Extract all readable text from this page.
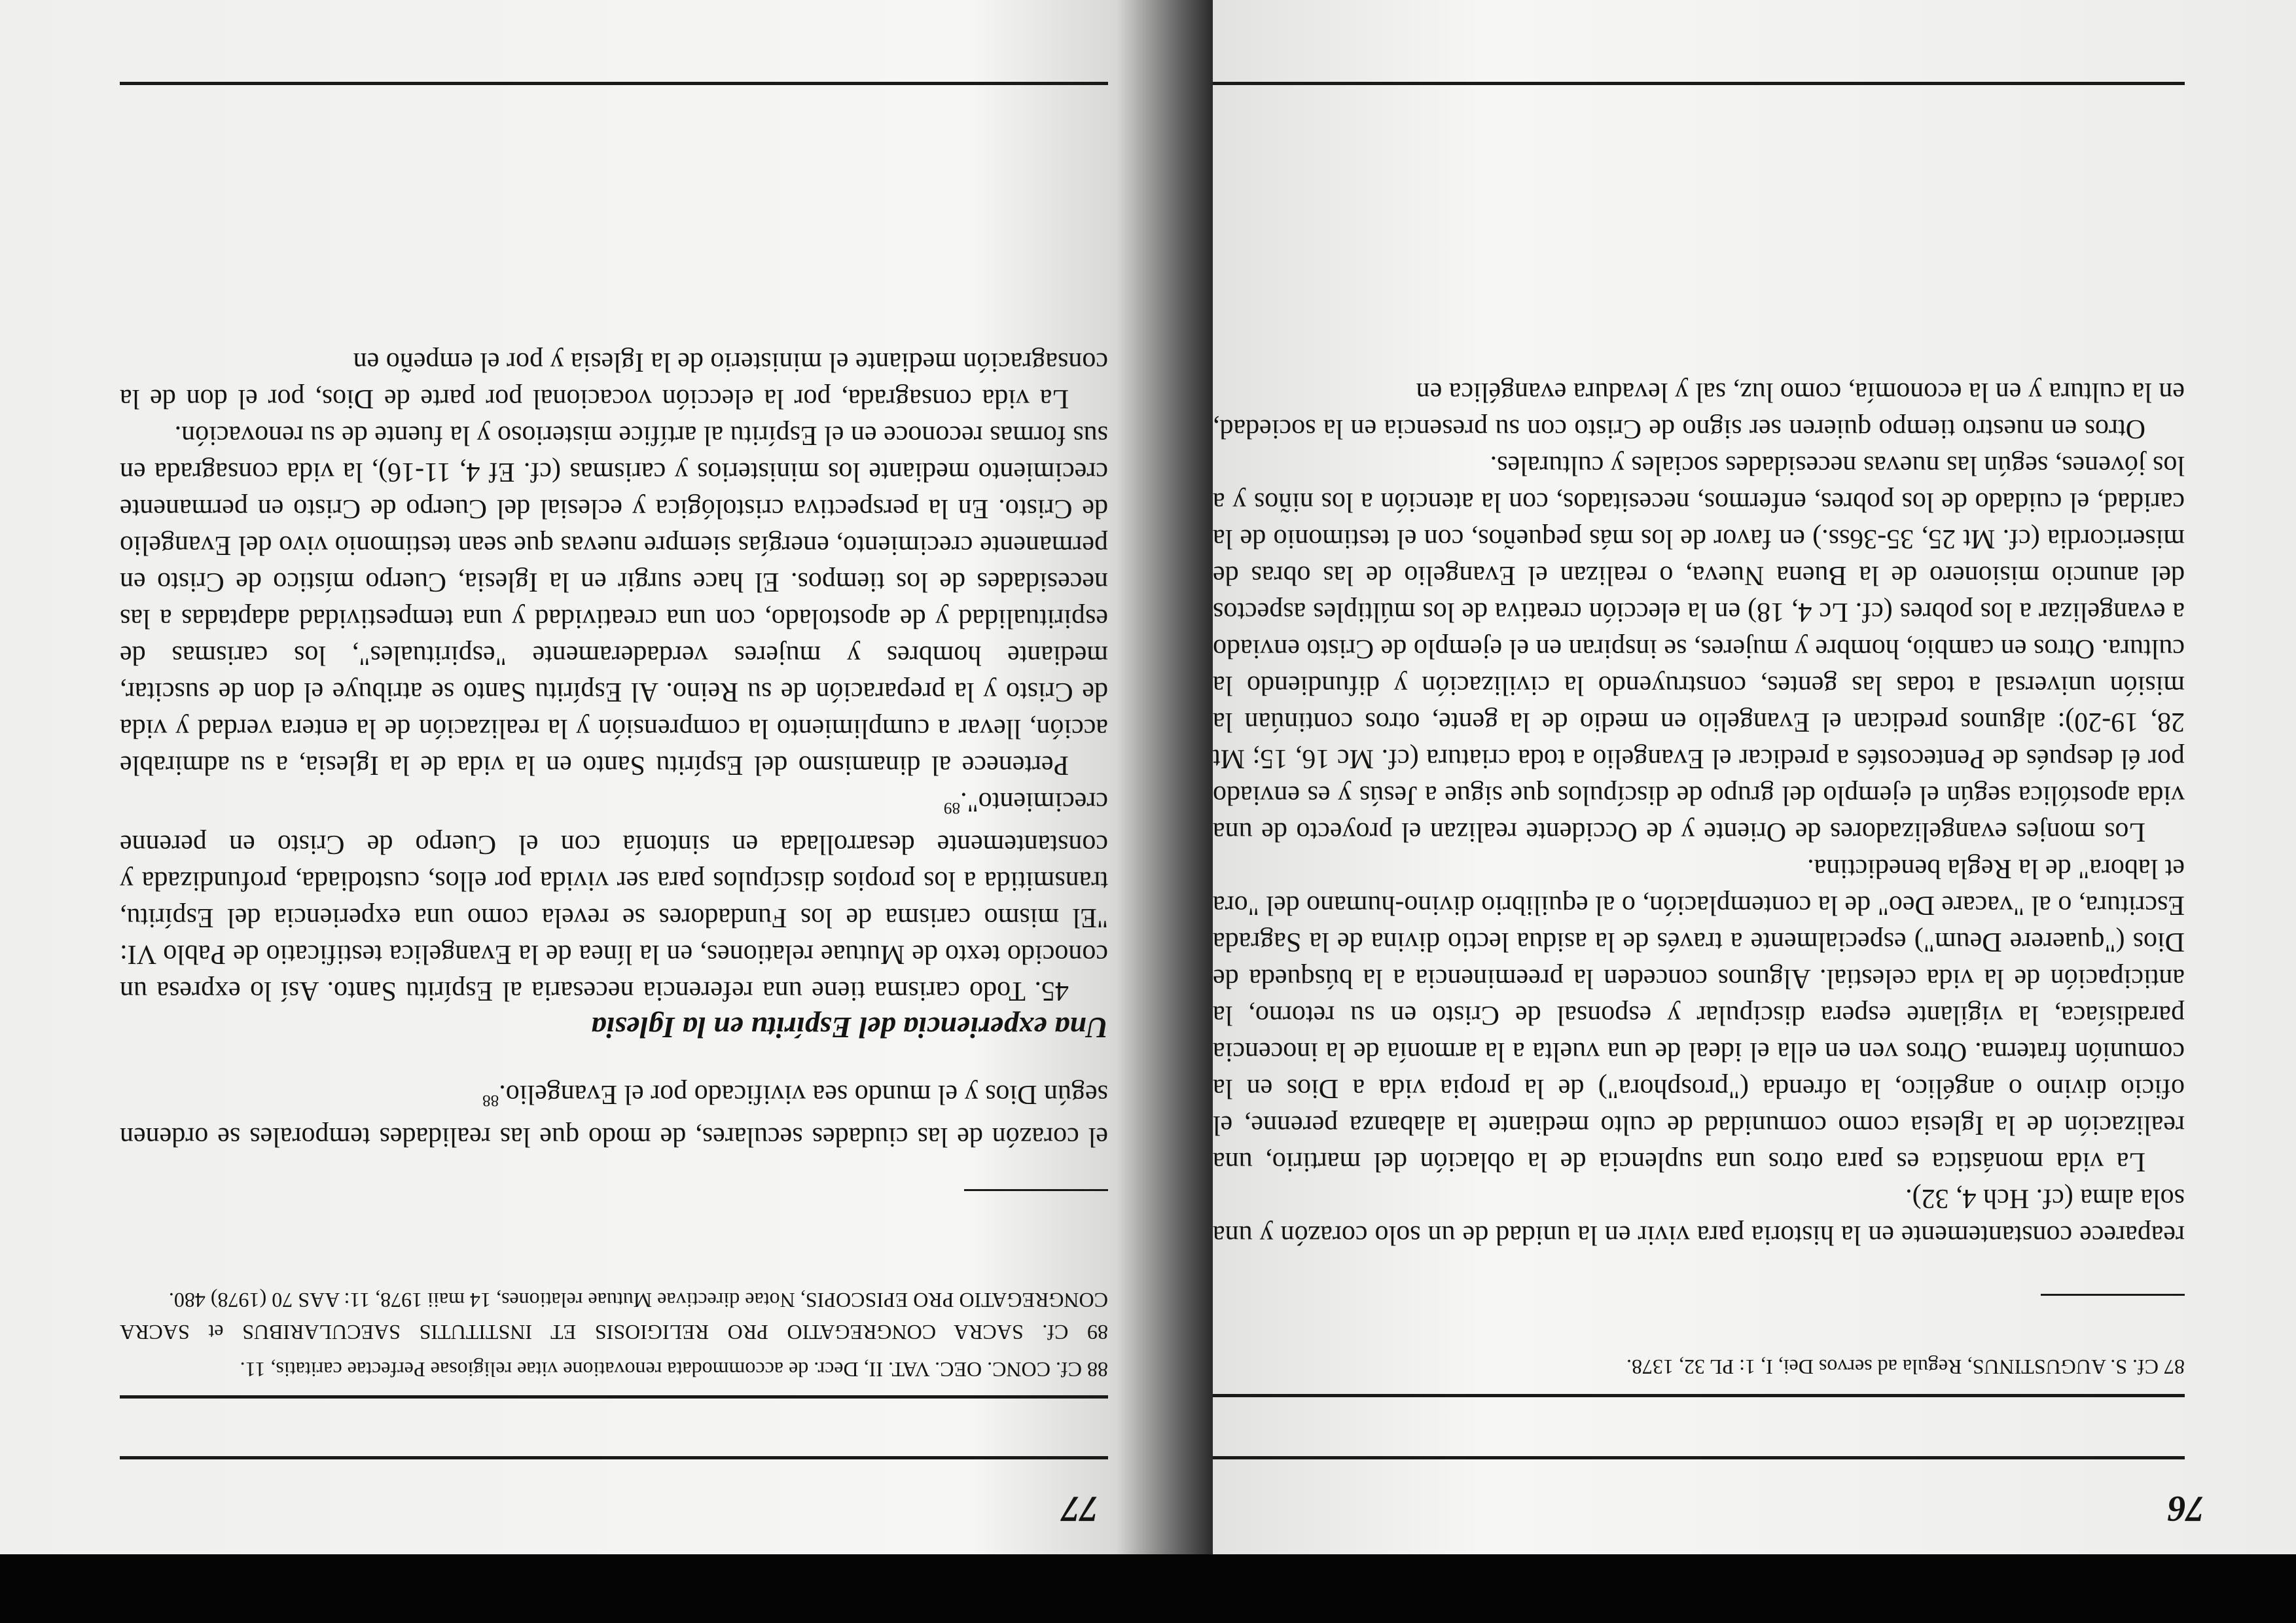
76

87 Cf. S. AUGUSTINUS, Regula ad servos Dei, I, 1: PL 32, 1378.

reaparece constantemente en la historia para vivir en la unidad de un solo corazón y una sola alma (cf. Hch 4, 32).

La vida monástica es para otros una suplencia de la oblación del martirio, una realización de la Iglesia como comunidad de culto mediante la alabanza perenne, el oficio divino o angélico, la ofrenda ("prosphora") de la propia vida a Dios en la comunión fraterna. Otros ven en ella el ideal de una vuelta a la armonía de la inocencia paradisíaca, la vigilante espera discipular y esponsal de Cristo en su retorno, la anticipación de la vida celestial. Algunos conceden la preeminencia a la búsqueda de Dios ("quaerere Deum") especialmente a través de la asidua lectio divina de la Sagrada Escritura, o al "vacare Deo" de la contemplación, o al equilibrio divino-humano del "ora et labora" de la Regla benedictina.

Los monjes evangelizadores de Oriente y de Occidente realizan el proyecto de una vida apostólica según el ejemplo del grupo de discípulos que sigue a Jesús y es enviado por él después de Pentecostés a predicar el Evangelio a toda criatura (cf. Mc 16, 15; Mt 28, 19-20): algunos predican el Evangelio en medio de la gente, otros continúan la misión universal a todas las gentes, construyendo la civilización y difundiendo la cultura. Otros en cambio, hombre y mujeres, se inspiran en el ejemplo de Cristo enviado a evangelizar a los pobres (cf. Lc 4, 18) en la elección creativa de los múltiples aspectos del anuncio misionero de la Buena Nueva, o realizan el Evangelio de las obras de misericordia (cf. Mt 25, 35-36ss.) en favor de los más pequeños, con el testimonio de la caridad, el cuidado de los pobres, enfermos, necesitados, con la atención a los niños y a los jóvenes, según las nuevas necesidades sociales y culturales.

Otros en nuestro tiempo quieren ser signo de Cristo con su presencia en la sociedad, en la cultura y en la economía, como luz, sal y levadura evangélica en

77

88 Cf. CONC. OEC. VAT. II, Decr. de accommodata renovatione vitae religiosae Perfectae caritatis, 11.

89 Cf. SACRA CONGREGATIO PRO RELIGIOSIS ET INSTITUTIS SAECULARIBUS et SACRA CONGREGATIO PRO EPISCOPIS, Notae directivae Mutuae relationes, 14 maii 1978, 11: AAS 70 (1978) 480.

el corazón de las ciudades seculares, de modo que las realidades temporales se ordenen según Dios y el mundo sea vivificado por el Evangelio.$^{88}$

Una experiencia del Espíritu en la Iglesia

45. Todo carisma tiene una referencia necesaria al Espíritu Santo. Así lo expresa un conocido texto de Mutuae relationes, en la línea de la Evangelica testificatio de Pablo VI: "El mismo carisma de los Fundadores se revela como una experiencia del Espíritu, transmitida a los propios discípulos para ser vivida por ellos, custodiada, profundizada y constantemente desarrollada en sintonía con el Cuerpo de Cristo en perenne crecimiento".$^{89}$

Pertenece al dinamismo del Espíritu Santo en la vida de la Iglesia, a su admirable acción, llevar a cumplimiento la comprensión y la realización de la entera verdad y vida de Cristo y la preparación de su Reino. Al Espíritu Santo se atribuye el don de suscitar, mediante hombres y mujeres verdaderamente "espirituales", los carismas de espiritualidad y de apostolado, con una creatividad y una tempestividad adaptadas a las necesidades de los tiempos. El hace surgir en la Iglesia, Cuerpo místico de Cristo en permanente crecimiento, energías siempre nuevas que sean testimonio vivo del Evangelio de Cristo. En la perspectiva cristológica y eclesial del Cuerpo de Cristo en permanente crecimiento mediante los ministerios y carismas (cf. Ef 4, 11-16), la vida consagrada en sus formas reconoce en el Espíritu al artífice misterioso y la fuente de su renovación.

La vida consagrada, por la elección vocacional por parte de Dios, por el don de la consagración mediante el ministerio de la Iglesia y por el empeño en
